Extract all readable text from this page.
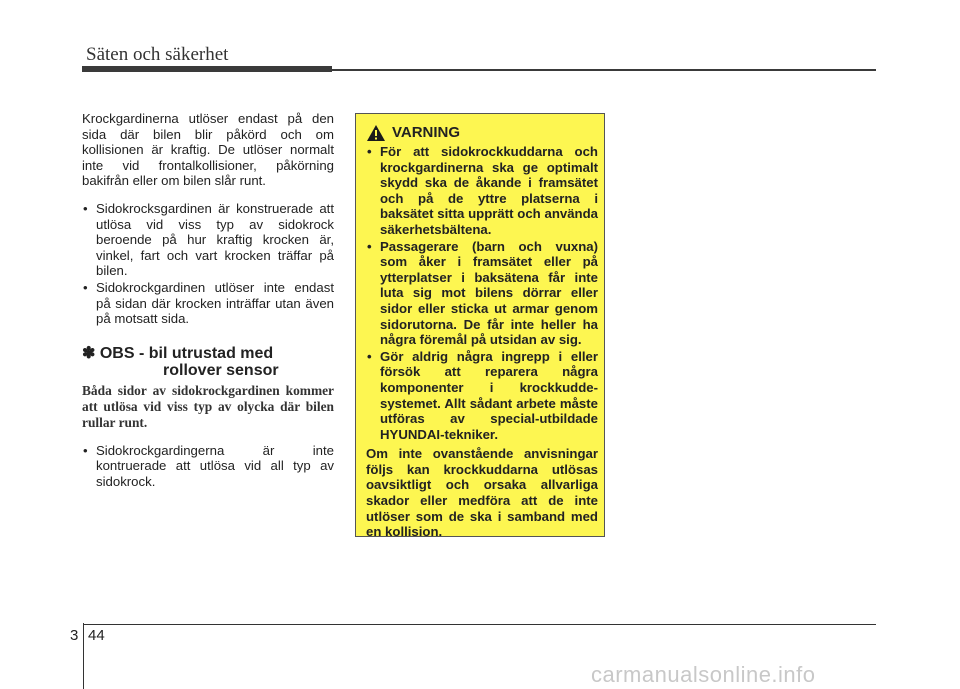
Säten och säkerhet

Krockgardinerna utlöser endast på den sida där bilen blir påkörd och om kollisionen är kraftig. De utlöser normalt inte vid frontalkollisioner, påkörning bakifrån eller om bilen slår runt.

• Sidokrocksgardinen är konstruerade att utlösa vid viss typ av sidokrock beroende på hur kraftig krocken är, vinkel, fart och vart krocken träffar på bilen.
• Sidokrockgardinen utlöser inte endast på sidan där krocken inträffar utan även på motsatt sida.
✽ OBS - bil utrustad med
rollover sensor

Båda sidor av sidokrockgardinen kommer att utlösa vid viss typ av olycka där bilen rullar runt.

• Sidokrockgardingerna är inte kontruerade att utlösa vid all typ av sidokrock.
VARNING
• För att sidokrockkuddarna och krockgardinerna ska ge optimalt skydd ska de åkande i framsätet och på de yttre platserna i baksätet sitta upprätt och använda säkerhetsbältena.
• Passagerare (barn och vuxna) som åker i framsätet eller på ytterplatser i baksätena får inte luta sig mot bilens dörrar eller sidor eller sticka ut armar genom sidorutorna. De får inte heller ha några föremål på utsidan av sig.
• Gör aldrig några ingrepp i eller försök att reparera några komponenter i krockkudde-systemet. Allt sådant arbete måste utföras av special-utbildade HYUNDAI-tekniker.
Om inte ovanstående anvisningar följs kan krockkuddarna utlösas oavsiktligt och orsaka allvarliga skador eller medföra att de inte utlöser som de ska i samband med en kollision.
3 44
carmanualsonline.info
